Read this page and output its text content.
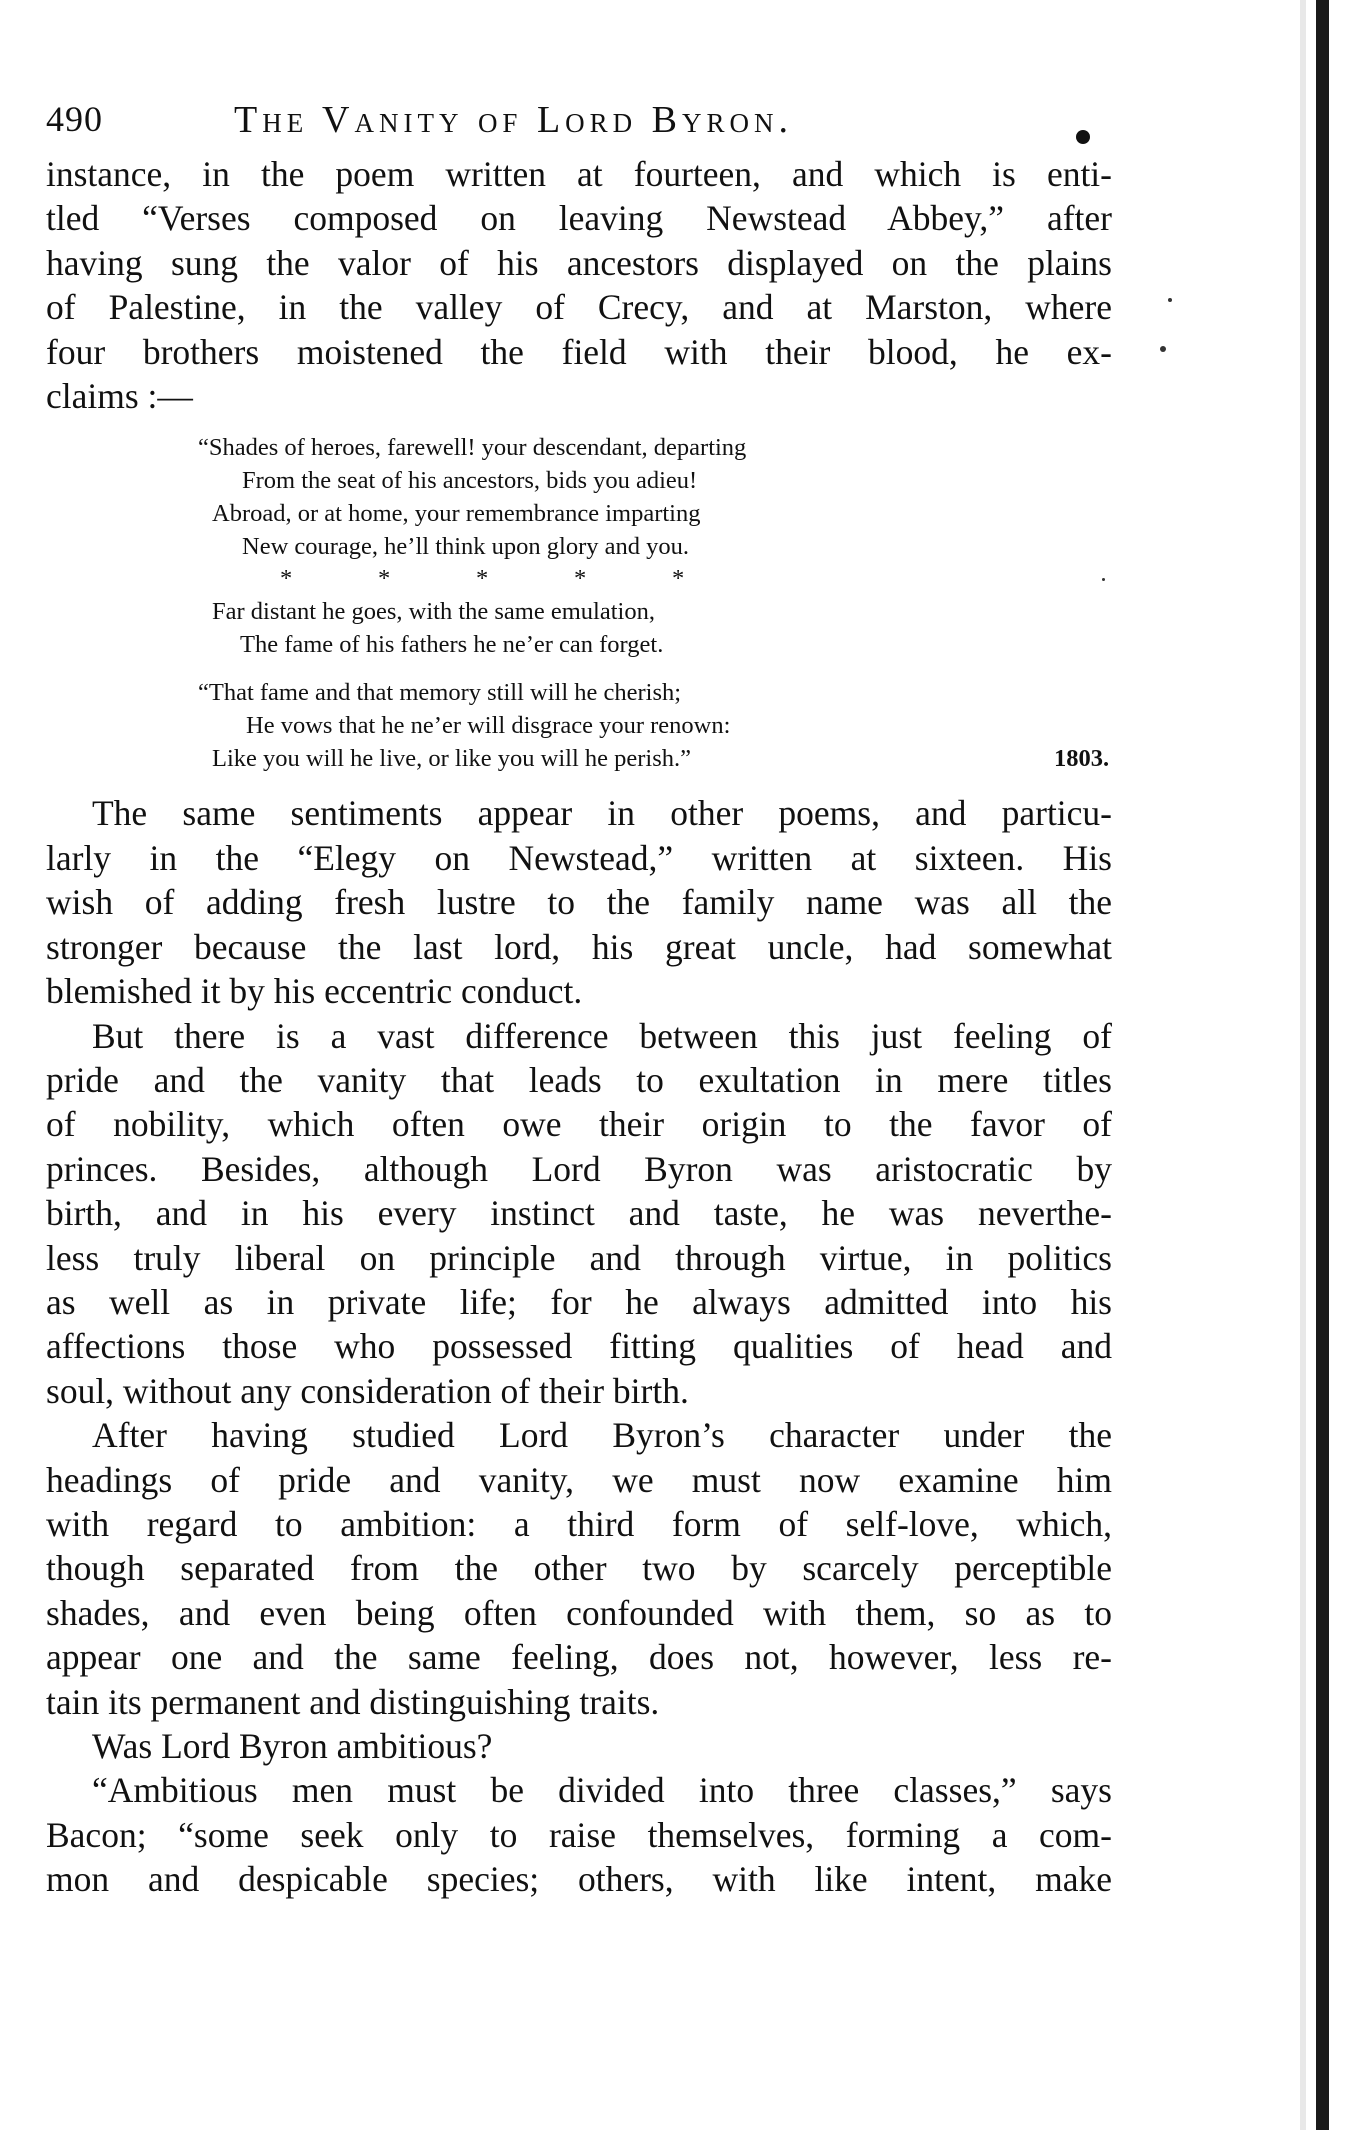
490	The Vanity of Lord Byron.

instance, in the poem written at fourteen, and which is enti-

tled “Verses composed on leaving Newstead Abbey,” after

having sung the valor of his ancestors displayed on the plains

of Palestine, in the valley of Crecy, and at Marston, where

four brothers moistened the field with their blood, he ex-

claims :—

“Shades of heroes, farewell! your descendant, departing
From the seat of his ancestors, bids you adieu!
Abroad, or at home, your remembrance imparting
New courage, he’ll think upon glory and you.
*	*	*	*	*
Far distant he goes, with the same emulation,
The fame of his fathers he ne’er can forget.
“That fame and that memory still will he cherish;
He vows that he ne’er will disgrace your renown:
Like you will he live, or like you will he perish.”	1803.

The same sentiments appear in other poems, and particu-

larly in the “Elegy on Newstead,” written at sixteen. His

wish of adding fresh lustre to the family name was all the

stronger because the last lord, his great uncle, had somewhat

blemished it by his eccentric conduct.

But there is a vast difference between this just feeling of

pride and the vanity that leads to exultation in mere titles

of nobility, which often owe their origin to the favor of

princes. Besides, although Lord Byron was aristocratic by

birth, and in his every instinct and taste, he was neverthe-

less truly liberal on principle and through virtue, in politics

as well as in private life; for he always admitted into his

affections those who possessed fitting qualities of head and

soul, without any consideration of their birth.

After having studied Lord Byron’s character under the

headings of pride and vanity, we must now examine him

with regard to ambition: a third form of self-love, which,

though separated from the other two by scarcely perceptible

shades, and even being often confounded with them, so as to

appear one and the same feeling, does not, however, less re-

tain its permanent and distinguishing traits.

Was Lord Byron ambitious?

“Ambitious men must be divided into three classes,” says

Bacon; “some seek only to raise themselves, forming a com-

mon and despicable species; others, with like intent, make
